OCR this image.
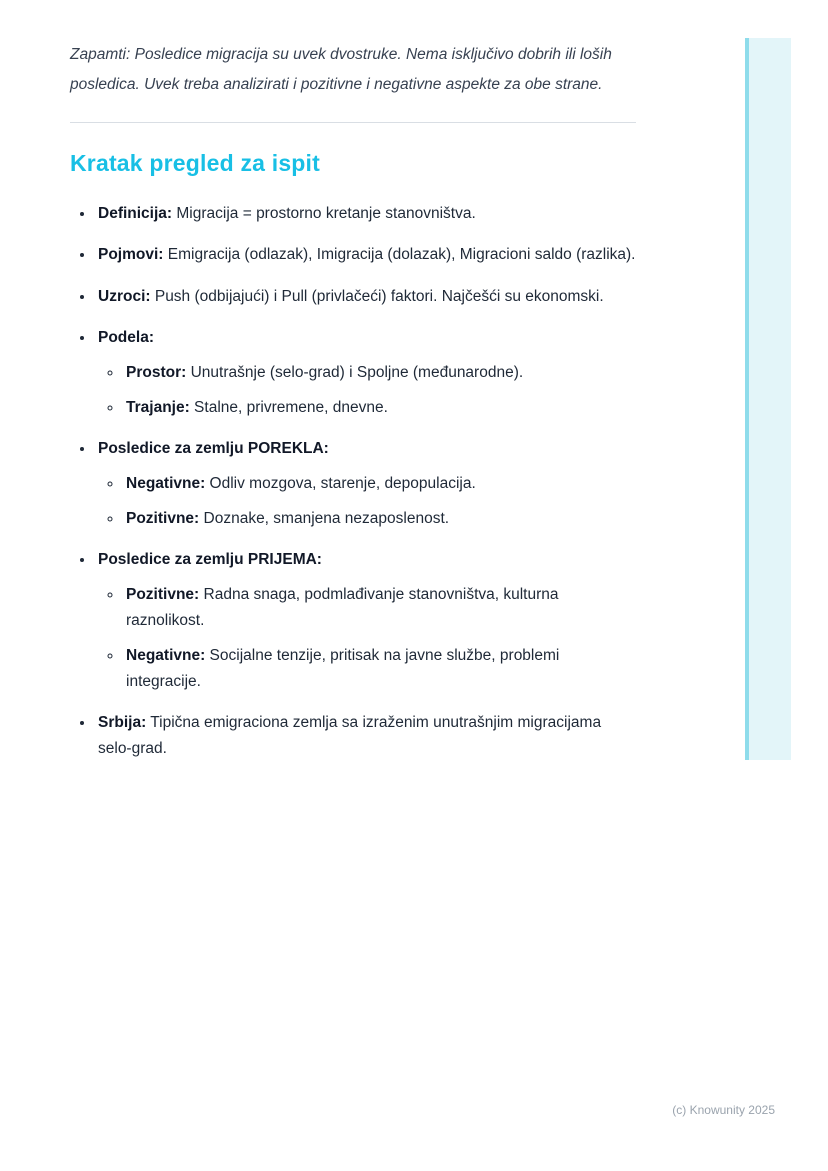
Zapamti: Posledice migracija su uvek dvostruke. Nema isključivo dobrih ili loših posledica. Uvek treba analizirati i pozitivne i negativne aspekte za obe strane.

Kratak pregled za ispit
• Definicija: Migracija = prostorno kretanje stanovništva.
• Pojmovi: Emigracija (odlazak), Imigracija (dolazak), Migracioni saldo (razlika).
• Uzroci: Push (odbijajući) i Pull (privlačeći) faktori. Najčešći su ekonomski.
• Podela:
◦ Prostor: Unutrašnje (selo-grad) i Spoljne (međunarodne).
◦ Trajanje: Stalne, privremene, dnevne.
• Posledice za zemlju POREKLA:
◦ Negativne: Odliv mozgova, starenje, depopulacija.
◦ Pozitivne: Doznake, smanjena nezaposlenost.
• Posledice za zemlju PRIJEMA:
◦ Pozitivne: Radna snaga, podmlađivanje stanovništva, kulturna raznolikost.
◦ Negativne: Socijalne tenzije, pritisak na javne službe, problemi integracije.
• Srbija: Tipična emigraciona zemlja sa izraženim unutrašnjim migracijama selo-grad.
(c) Knowunity 2025
